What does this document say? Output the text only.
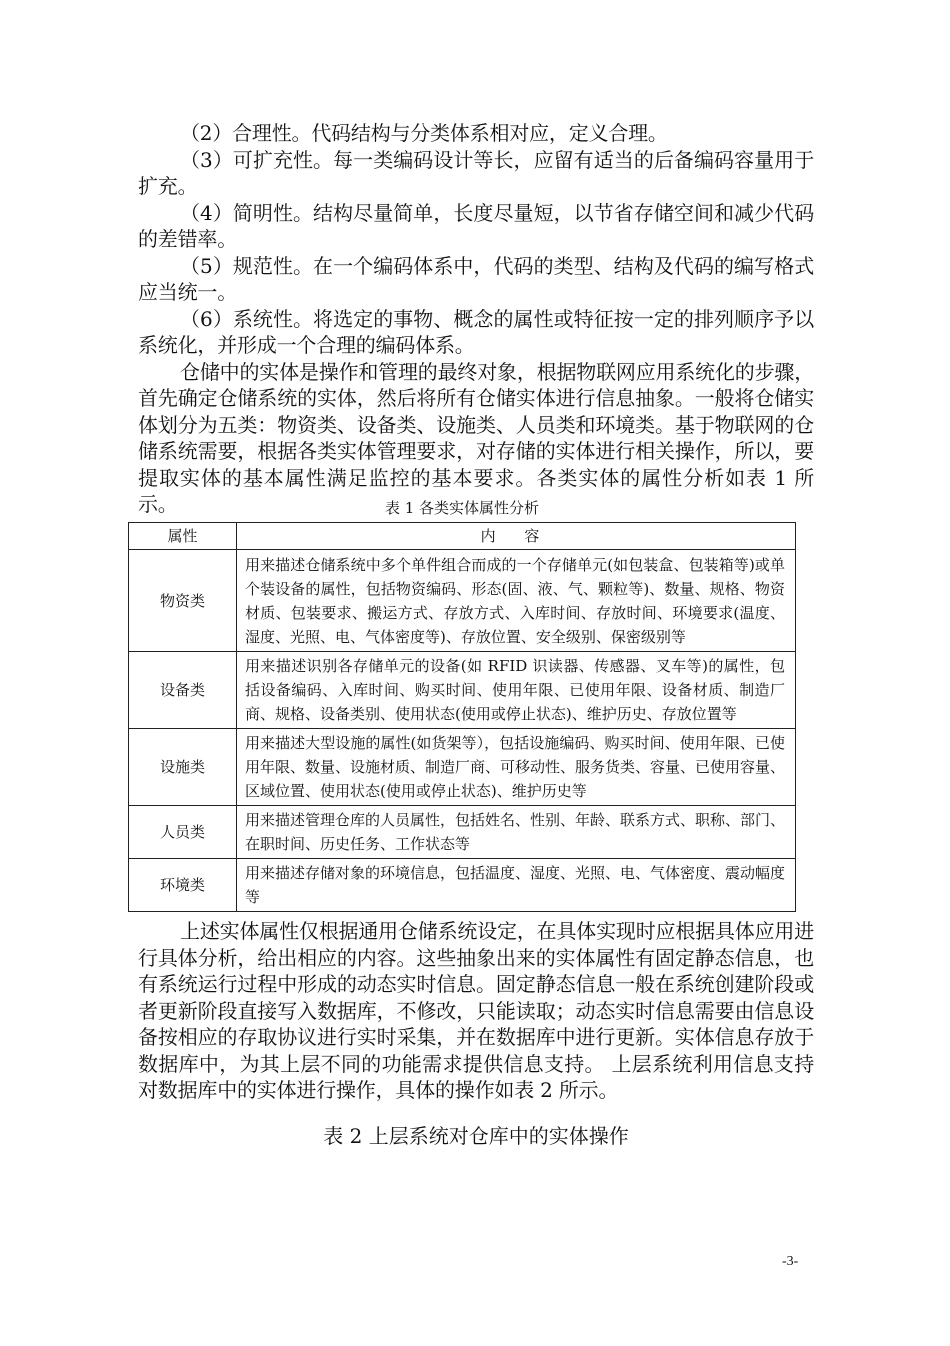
（2）合理性。代码结构与分类体系相对应，定义合理。

（3）可扩充性。每一类编码设计等长，应留有适当的后备编码容量用于扩充。

（4）简明性。结构尽量简单，长度尽量短，以节省存储空间和减少代码的差错率。

（5）规范性。在一个编码体系中，代码的类型、结构及代码的编写格式应当统一。

（6）系统性。将选定的事物、概念的属性或特征按一定的排列顺序予以系统化，并形成一个合理的编码体系。

仓储中的实体是操作和管理的最终对象，根据物联网应用系统化的步骤，首先确定仓储系统的实体，然后将所有仓储实体进行信息抽象。一般将仓储实体划分为五类：物资类、设备类、设施类、人员类和环境类。基于物联网的仓储系统需要，根据各类实体管理要求，对存储的实体进行相关操作，所以，要提取实体的基本属性满足监控的基本要求。各类实体的属性分析如表 1 所示。	表 1 各类实体属性分析
属性	内 容
物资类	用来描述仓储系统中多个单件组合而成的一个存储单元(如包装盒、包装箱等)或单个装设备的属性，包括物资编码、形态(固、液、气、颗粒等)、数量、规格、物资材质、包装要求、搬运方式、存放方式、入库时间、存放时间、环境要求(温度、湿度、光照、电、气体密度等)、存放位置、安全级别、保密级别等
设备类	用来描述识别各存储单元的设备(如 RFID 识读器、传感器、叉车等)的属性，包括设备编码、入库时间、购买时间、使用年限、已使用年限、设备材质、制造厂商、规格、设备类别、使用状态(使用或停止状态)、维护历史、存放位置等
设施类	用来描述大型设施的属性(如货架等），包括设施编码、购买时间、使用年限、已使用年限、数量、设施材质、制造厂商、可移动性、服务货类、容量、已使用容量、区域位置、使用状态(使用或停止状态)、维护历史等
人员类	用来描述管理仓库的人员属性，包括姓名、性别、年龄、联系方式、职称、部门、在职时间、历史任务、工作状态等
环境类	用来描述存储对象的环境信息，包括温度、湿度、光照、电、气体密度、震动幅度等

上述实体属性仅根据通用仓储系统设定，在具体实现时应根据具体应用进行具体分析，给出相应的内容。这些抽象出来的实体属性有固定静态信息，也有系统运行过程中形成的动态实时信息。固定静态信息一般在系统创建阶段或者更新阶段直接写入数据库，不修改，只能读取；动态实时信息需要由信息设备按相应的存取协议进行实时采集，并在数据库中进行更新。实体信息存放于数据库中，为其上层不同的功能需求提供信息支持。 上层系统利用信息支持对数据库中的实体进行操作，具体的操作如表 2 所示。

表 2 上层系统对仓库中的实体操作
-3-
